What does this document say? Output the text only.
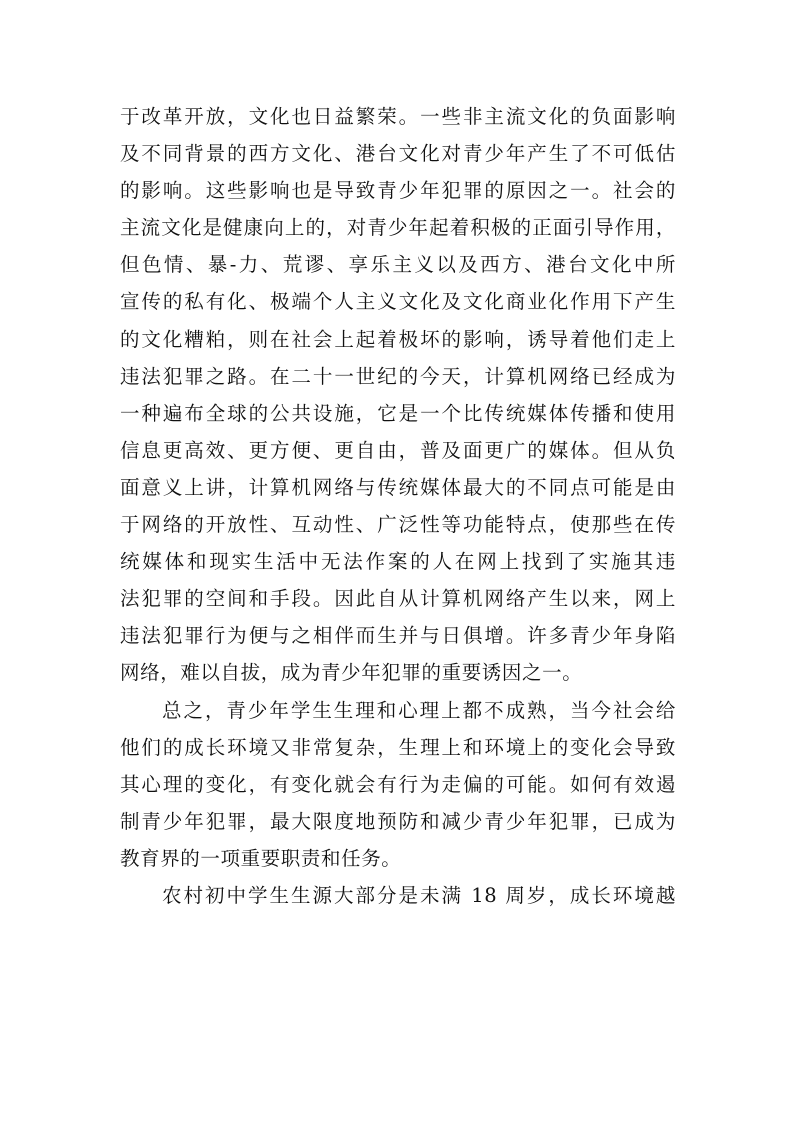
于改革开放，文化也日益繁荣。一些非主流文化的负面影响
及不同背景的西方文化、港台文化对青少年产生了不可低估
的影响。这些影响也是导致青少年犯罪的原因之一。社会的
主流文化是健康向上的，对青少年起着积极的正面引导作用，
但色情、暴-力、荒谬、享乐主义以及西方、港台文化中所
宣传的私有化、极端个人主义文化及文化商业化作用下产生
的文化糟粕，则在社会上起着极坏的影响，诱导着他们走上
违法犯罪之路。在二十一世纪的今天，计算机网络已经成为
一种遍布全球的公共设施，它是一个比传统媒体传播和使用
信息更高效、更方便、更自由，普及面更广的媒体。但从负
面意义上讲，计算机网络与传统媒体最大的不同点可能是由
于网络的开放性、互动性、广泛性等功能特点，使那些在传
统媒体和现实生活中无法作案的人在网上找到了实施其违
法犯罪的空间和手段。因此自从计算机网络产生以来，网上
违法犯罪行为便与之相伴而生并与日俱增。许多青少年身陷
网络，难以自拔，成为青少年犯罪的重要诱因之一。
总之，青少年学生生理和心理上都不成熟，当今社会给
他们的成长环境又非常复杂，生理上和环境上的变化会导致
其心理的变化，有变化就会有行为走偏的可能。如何有效遏
制青少年犯罪，最大限度地预防和减少青少年犯罪，已成为
教育界的一项重要职责和任务。
农村初中学生生源大部分是未满 18 周岁，成长环境越
